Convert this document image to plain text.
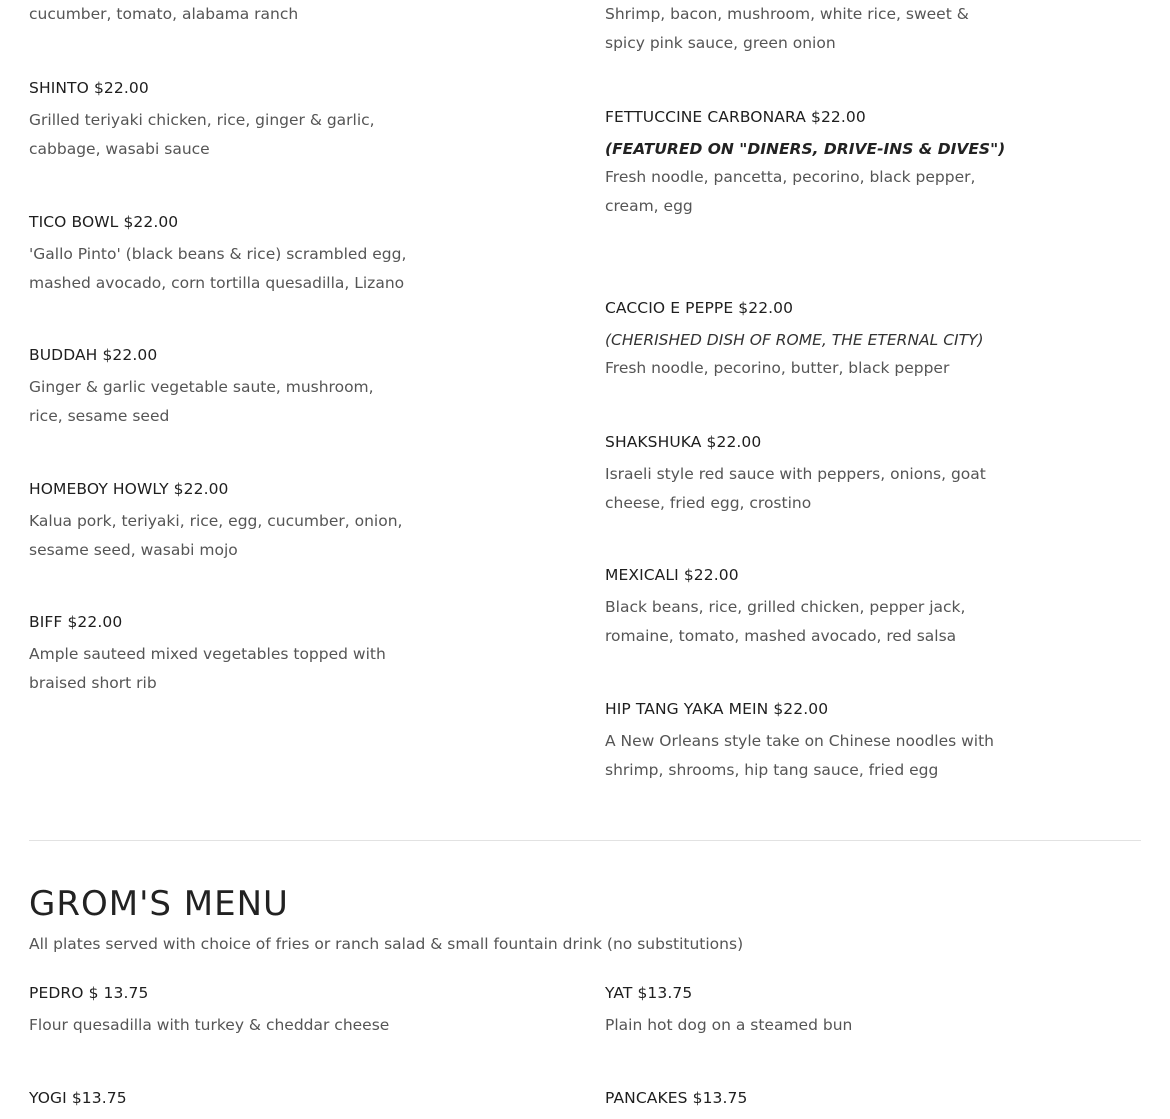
cucumber, tomato, alabama ranch
SHINTO $22.00
Grilled teriyaki chicken, rice, ginger & garlic, cabbage, wasabi sauce
TICO BOWL $22.00
'Gallo Pinto' (black beans & rice) scrambled egg, mashed avocado, corn tortilla quesadilla, Lizano
BUDDAH $22.00
Ginger & garlic vegetable saute, mushroom, rice, sesame seed
HOMEBOY HOWLY $22.00
Kalua pork, teriyaki, rice, egg, cucumber, onion, sesame seed, wasabi mojo
BIFF $22.00
Ample sauteed mixed vegetables topped with braised short rib
Shrimp, bacon, mushroom, white rice, sweet & spicy pink sauce, green onion
FETTUCCINE CARBONARA $22.00
(FEATURED ON "DINERS, DRIVE-INS & DIVES")
Fresh noodle, pancetta, pecorino, black pepper, cream, egg
CACCIO E PEPPE $22.00
(CHERISHED DISH OF ROME, THE ETERNAL CITY)
Fresh noodle, pecorino, butter, black pepper
SHAKSHUKA $22.00
Israeli style red sauce with peppers, onions, goat cheese, fried egg, crostino
MEXICALI $22.00
Black beans, rice, grilled chicken, pepper jack, romaine, tomato, mashed avocado, red salsa
HIP TANG YAKA MEIN $22.00
A New Orleans style take on Chinese noodles with shrimp, shrooms, hip tang sauce, fried egg
GROM'S MENU
All plates served with choice of fries or ranch salad & small fountain drink (no substitutions)
PEDRO $ 13.75
Flour quesadilla with turkey & cheddar cheese
YOGI $13.75
YAT $13.75
Plain hot dog on a steamed bun
PANCAKES $13.75
